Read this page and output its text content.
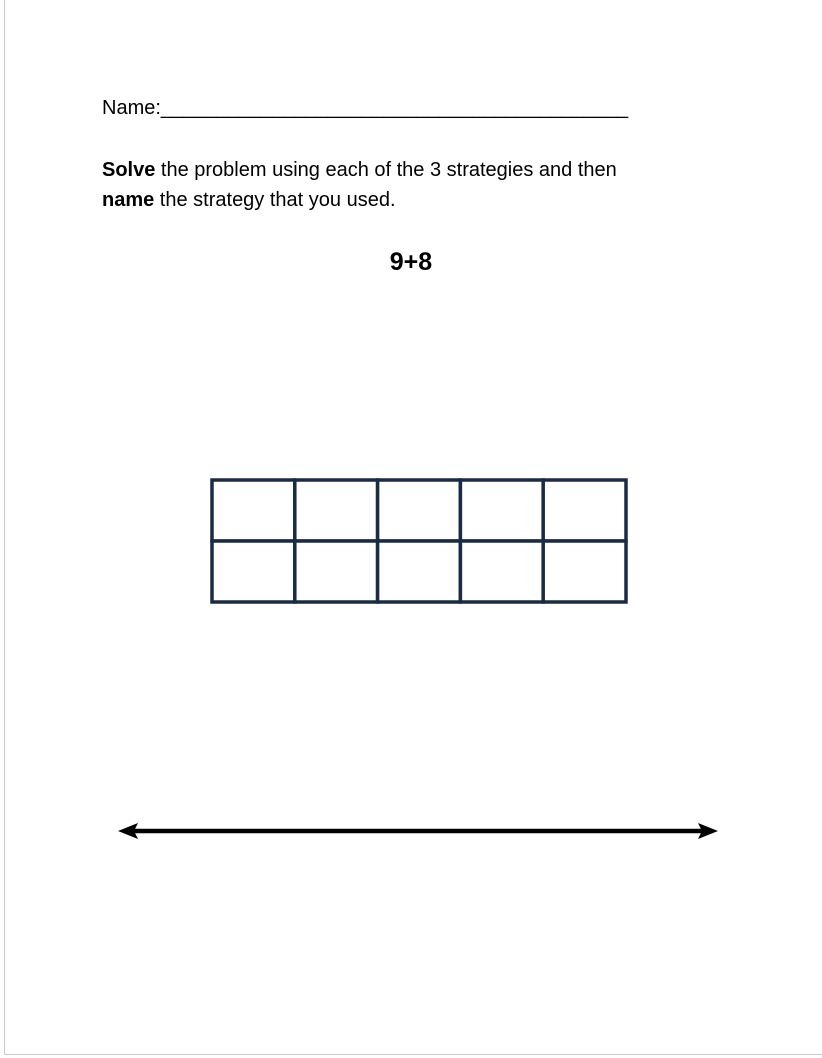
Name:__________________________________________
Solve the problem using each of the 3 strategies and then
name the strategy that you used.
9+8
